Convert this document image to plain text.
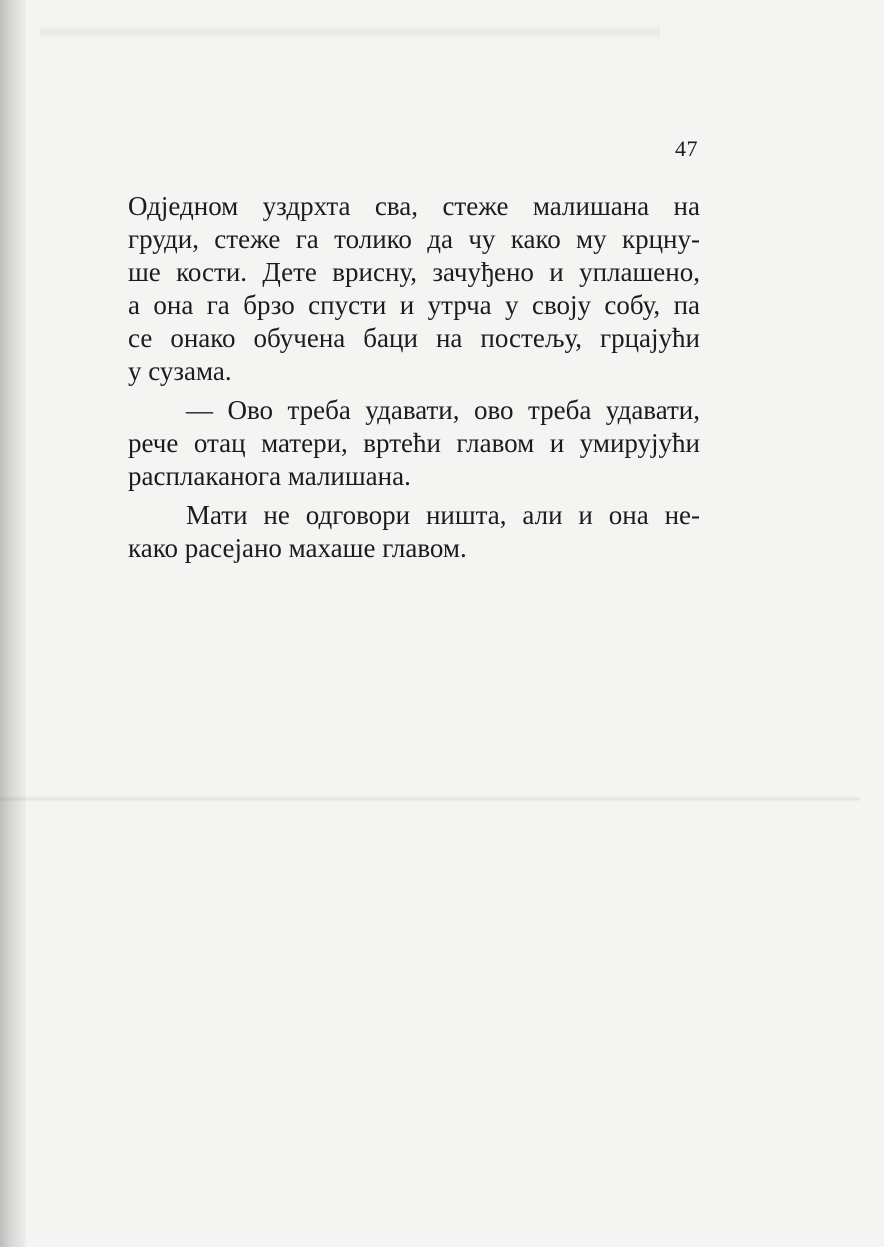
47
Одједном уздрхта сва, стеже малишана на
груди, стеже га толико да чу како му крцну-
ше кости. Дете врисну, зачуђено и уплашено,
а она га брзо спусти и утрча у своју собу, па
се онако обучена баци на постељу, грцајући
у сузама.
— Ово треба удавати, ово треба удавати,
рече отац матери, вртећи главом и умирујући
расплаканога малишана.
Мати не одговори ништа, али и она не-
како расејано махаше главом.
